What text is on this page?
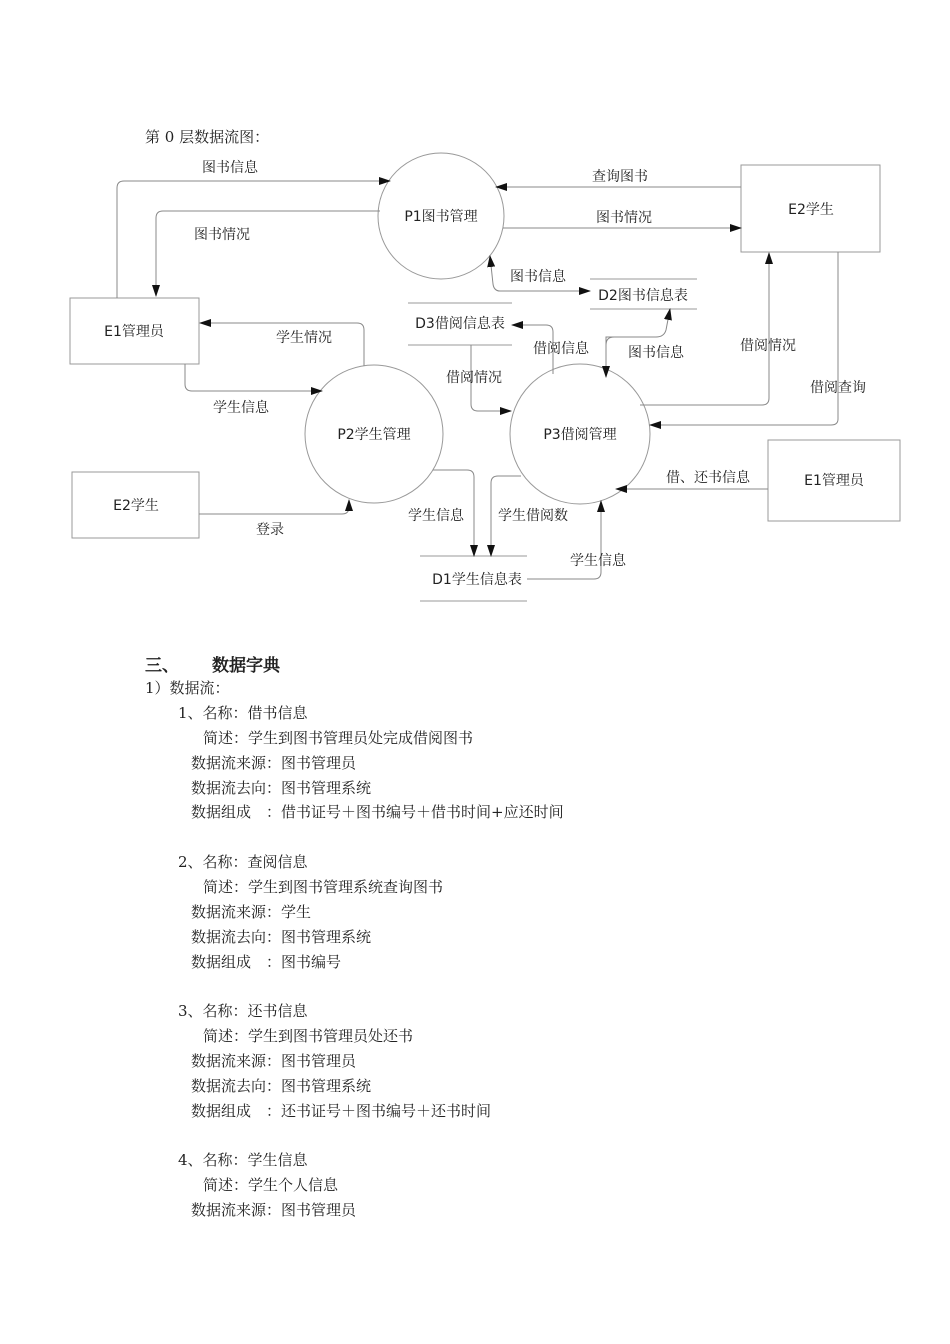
第 0 层数据流图：
E1管理员
E2学生
E2学生
E1管理员
P1图书管理
P2学生管理	P3借阅管理
D2图书信息表
D3借阅信息表
D1学生信息表
图书信息
图书情况
查询图书
图书情况
图书信息
学生情况
学生信息
借阅信息	图书信息	借阅情况
借阅查询
借阅情况
借、还书信息
登录
学生信息 学生借阅数
学生信息
三、 数据字典
1）数据流：
1、名称：借书信息
简述：学生到图书管理员处完成借阅图书
数据流来源：图书管理员
数据流去向：图书管理系统
数据组成　：借书证号＋图书编号＋借书时间+应还时间
2、名称：查阅信息
简述：学生到图书管理系统查询图书
数据流来源：学生
数据流去向：图书管理系统
数据组成　：图书编号
3、名称：还书信息
简述：学生到图书管理员处还书
数据流来源：图书管理员
数据流去向：图书管理系统
数据组成　：还书证号＋图书编号＋还书时间
4、名称：学生信息
简述：学生个人信息
数据流来源：图书管理员
